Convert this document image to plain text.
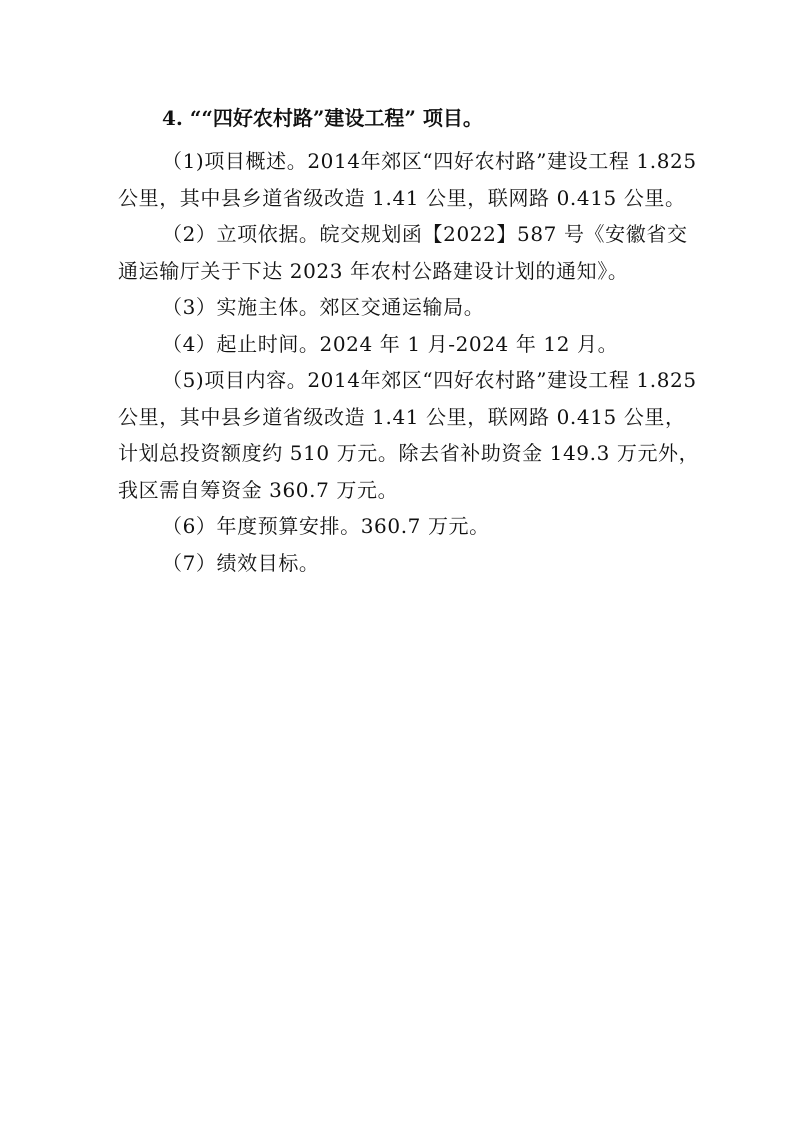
4. ““四好农村路”建设工程” 项目。

（1)项目概述。2014年郊区“四好农村路”建设工程 1.825
公里，其中县乡道省级改造 1.41 公里，联网路 0.415 公里。

（2）立项依据。皖交规划函【2022】587 号《安徽省交
通运输厅关于下达 2023 年农村公路建设计划的通知》。

（3）实施主体。郊区交通运输局。

（4）起止时间。2024 年 1 月-2024 年 12 月。

（5)项目内容。2014年郊区“四好农村路”建设工程 1.825
公里，其中县乡道省级改造 1.41 公里，联网路 0.415 公里，
计划总投资额度约 510 万元。除去省补助资金 149.3 万元外，
我区需自筹资金 360.7 万元。

（6）年度预算安排。360.7 万元。

（7）绩效目标。
